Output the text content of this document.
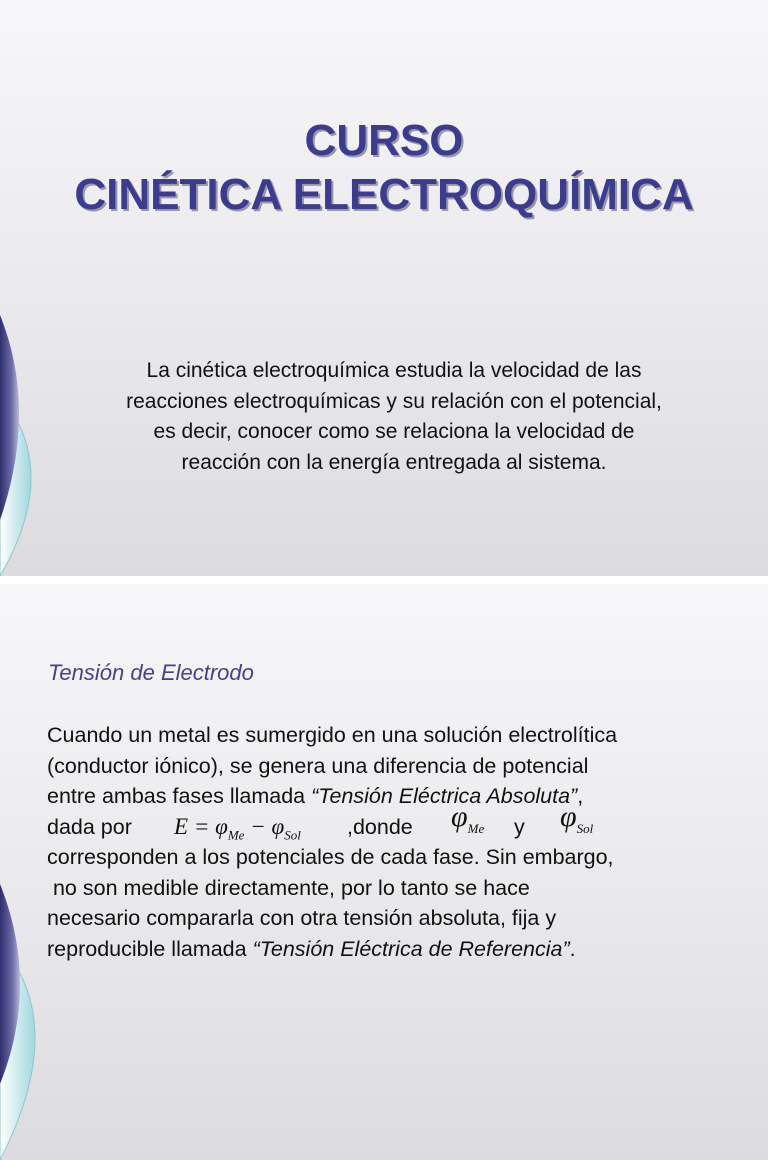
CURSO
CINÉTICA ELECTROQUÍMICA
La cinética electroquímica estudia la velocidad de las
reacciones electroquímicas y su relación con el potencial,
es decir, conocer como se relaciona la velocidad de
reacción con la energía entregada al sistema.
Tensión de Electrodo
Cuando un metal es sumergido en una solución electrolítica
(conductor iónico), se genera una diferencia de potencial
entre ambas fases llamada “Tensión Eléctrica Absoluta”,
dada por $E = \varphi_{Me} - \varphi_{Sol}$ ,donde $\varphi_{Me}$ y $\varphi_{Sol}$
corresponden a los potenciales de cada fase. Sin embargo,
no son medible directamente, por lo tanto se hace
necesario compararla con otra tensión absoluta, fija y
reproducible llamada “Tensión Eléctrica de Referencia”.
